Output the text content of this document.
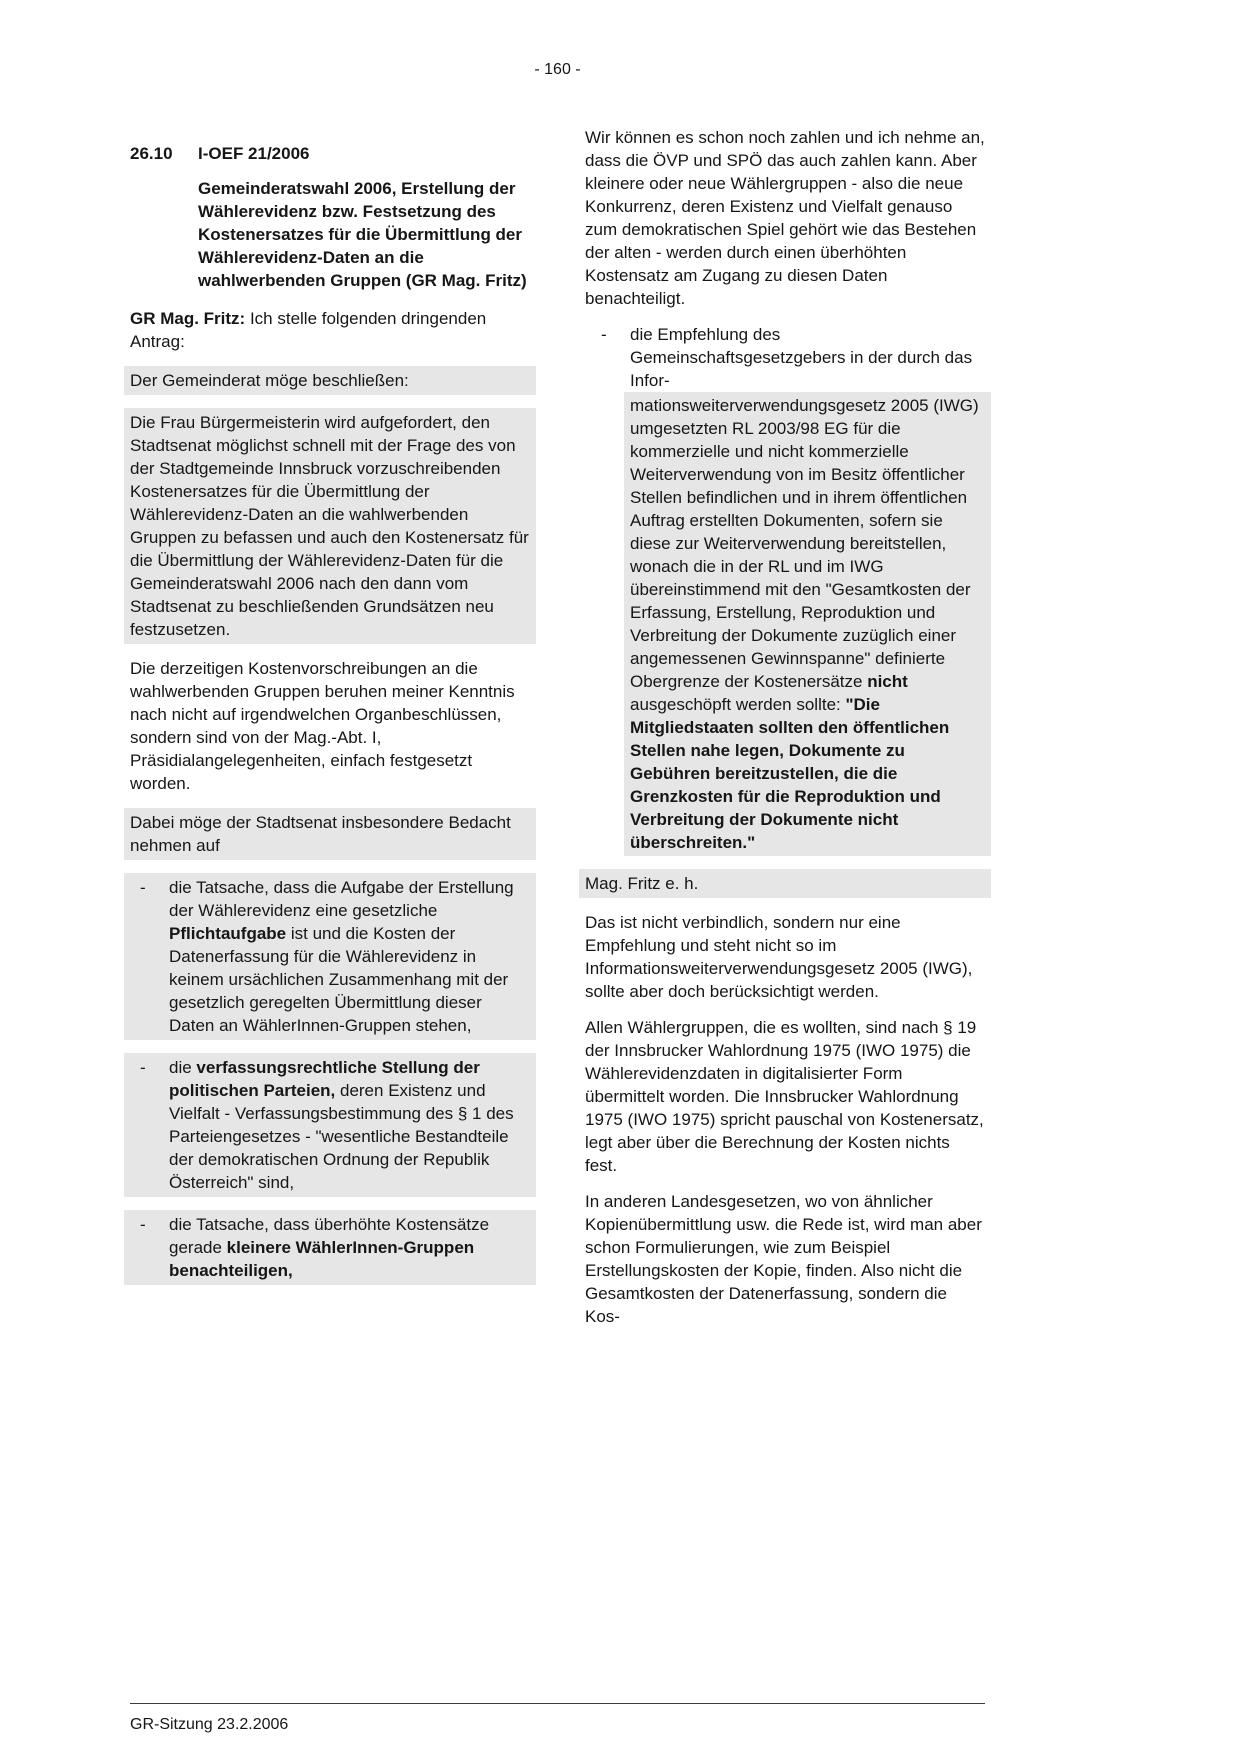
- 160 -
26.10	I-OEF 21/2006

Gemeinderatswahl 2006, Erstellung der Wählerevidenz bzw. Festsetzung des Kostenersatzes für die Übermittlung der Wählerevidenz-Daten an die wahlwerbenden Gruppen (GR Mag. Fritz)

GR Mag. Fritz: Ich stelle folgenden dringenden Antrag:

Der Gemeinderat möge beschließen:

Die Frau Bürgermeisterin wird aufgefordert, den Stadtsenat möglichst schnell mit der Frage des von der Stadtgemeinde Innsbruck vorzuschreibenden Kostenersatzes für die Übermittlung der Wählerevidenz-Daten an die wahlwerbenden Gruppen zu befassen und auch den Kostenersatz für die Übermittlung der Wählerevidenz-Daten für die Gemeinderatswahl 2006 nach den dann vom Stadtsenat zu beschließenden Grundsätzen neu festzusetzen.

Die derzeitigen Kostenvorschreibungen an die wahlwerbenden Gruppen beruhen meiner Kenntnis nach nicht auf irgendwelchen Organbeschlüssen, sondern sind von der Mag.-Abt. I, Präsidialangelegenheiten, einfach festgesetzt worden.

Dabei möge der Stadtsenat insbesondere Bedacht nehmen auf

- die Tatsache, dass die Aufgabe der Erstellung der Wählerevidenz eine gesetzliche Pflichtaufgabe ist und die Kosten der Datenerfassung für die Wählerevidenz in keinem ursächlichen Zusammenhang mit der gesetzlich geregelten Übermittlung dieser Daten an WählerInnen-Gruppen stehen,
- die verfassungsrechtliche Stellung der politischen Parteien, deren Existenz und Vielfalt - Verfassungsbestimmung des § 1 des Parteiengesetzes - "wesentliche Bestandteile der demokratischen Ordnung der Republik Österreich" sind,
- die Tatsache, dass überhöhte Kostensätze gerade kleinere WählerInnen-Gruppen benachteiligen,

Wir können es schon noch zahlen und ich nehme an, dass die ÖVP und SPÖ das auch zahlen kann. Aber kleinere oder neue Wählergruppen - also die neue Konkurrenz, deren Existenz und Vielfalt genauso zum demokratischen Spiel gehört wie das Bestehen der alten - werden durch einen überhöhten Kostensatz am Zugang zu diesen Daten benachteiligt.

- die Empfehlung des Gemeinschaftsgesetzgebers in der durch das Infor-
mationsweiterverwendungsgesetz 2005 (IWG) umgesetzten RL 2003/98 EG für die kommerzielle und nicht kommerzielle Weiterverwendung von im Besitz öffentlicher Stellen befindlichen und in ihrem öffentlichen Auftrag erstellten Dokumenten, sofern sie diese zur Weiterverwendung bereitstellen, wonach die in der RL und im IWG übereinstimmend mit den "Gesamtkosten der Erfassung, Erstellung, Reproduktion und Verbreitung der Dokumente zuzüglich einer angemessenen Gewinnspanne" definierte Obergrenze der Kostenersätze nicht ausgeschöpft werden sollte: "Die Mitgliedstaaten sollten den öffentlichen Stellen nahe legen, Dokumente zu Gebühren bereitzustellen, die die Grenzkosten für die Reproduktion und Verbreitung der Dokumente nicht überschreiten."

Mag. Fritz e. h.

Das ist nicht verbindlich, sondern nur eine Empfehlung und steht nicht so im Informationsweiterverwendungsgesetz 2005 (IWG), sollte aber doch berücksichtigt werden.

Allen Wählergruppen, die es wollten, sind nach § 19 der Innsbrucker Wahlordnung 1975 (IWO 1975) die Wählerevidenzdaten in digitalisierter Form übermittelt worden. Die Innsbrucker Wahlordnung 1975 (IWO 1975) spricht pauschal von Kostenersatz, legt aber über die Berechnung der Kosten nichts fest.

In anderen Landesgesetzen, wo von ähnlicher Kopienübermittlung usw. die Rede ist, wird man aber schon Formulierungen, wie zum Beispiel Erstellungskosten der Kopie, finden. Also nicht die Gesamtkosten der Datenerfassung, sondern die Kos-

GR-Sitzung 23.2.2006
